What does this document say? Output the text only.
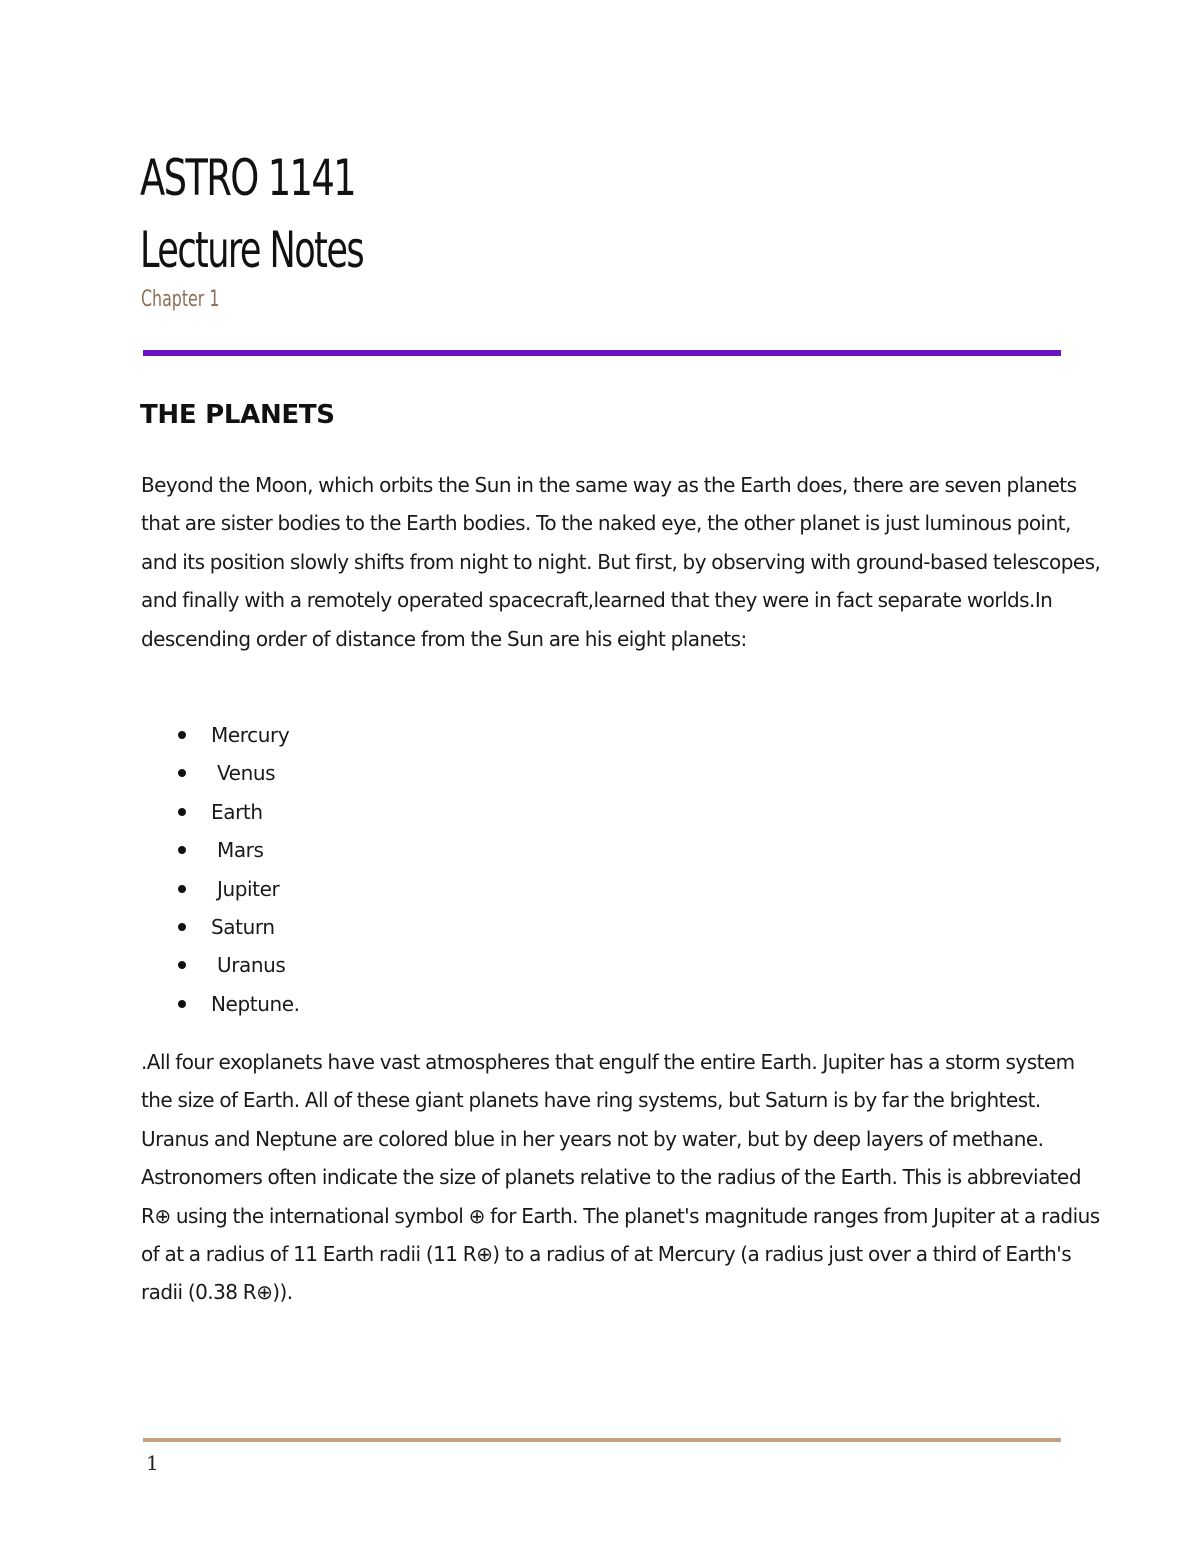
ASTRO 1141
Lecture Notes

Chapter 1

THE PLANETS

Beyond the Moon, which orbits the Sun in the same way as the Earth does, there are seven planets that are sister bodies to the Earth bodies. To the naked eye, the other planet is just luminous point, and its position slowly shifts from night to night. But first, by observing with ground-based telescopes, and finally with a remotely operated spacecraft,learned that they were in fact separate worlds.In descending order of distance from the Sun are his eight planets:

Mercury

Venus

Earth

Mars

Jupiter

Saturn

Uranus

Neptune.

.All four exoplanets have vast atmospheres that engulf the entire Earth. Jupiter has a storm system the size of Earth. All of these giant planets have ring systems, but Saturn is by far the brightest. Uranus and Neptune are colored blue in her years not by water, but by deep layers of methane. Astronomers often indicate the size of planets relative to the radius of the Earth. This is abbreviated R⊕ using the international symbol ⊕ for Earth. The planet's magnitude ranges from Jupiter at a radius of at a radius of 11 Earth radii (11 R⊕) to a radius of at Mercury (a radius just over a third of Earth's radii (0.38 R⊕)).

1
